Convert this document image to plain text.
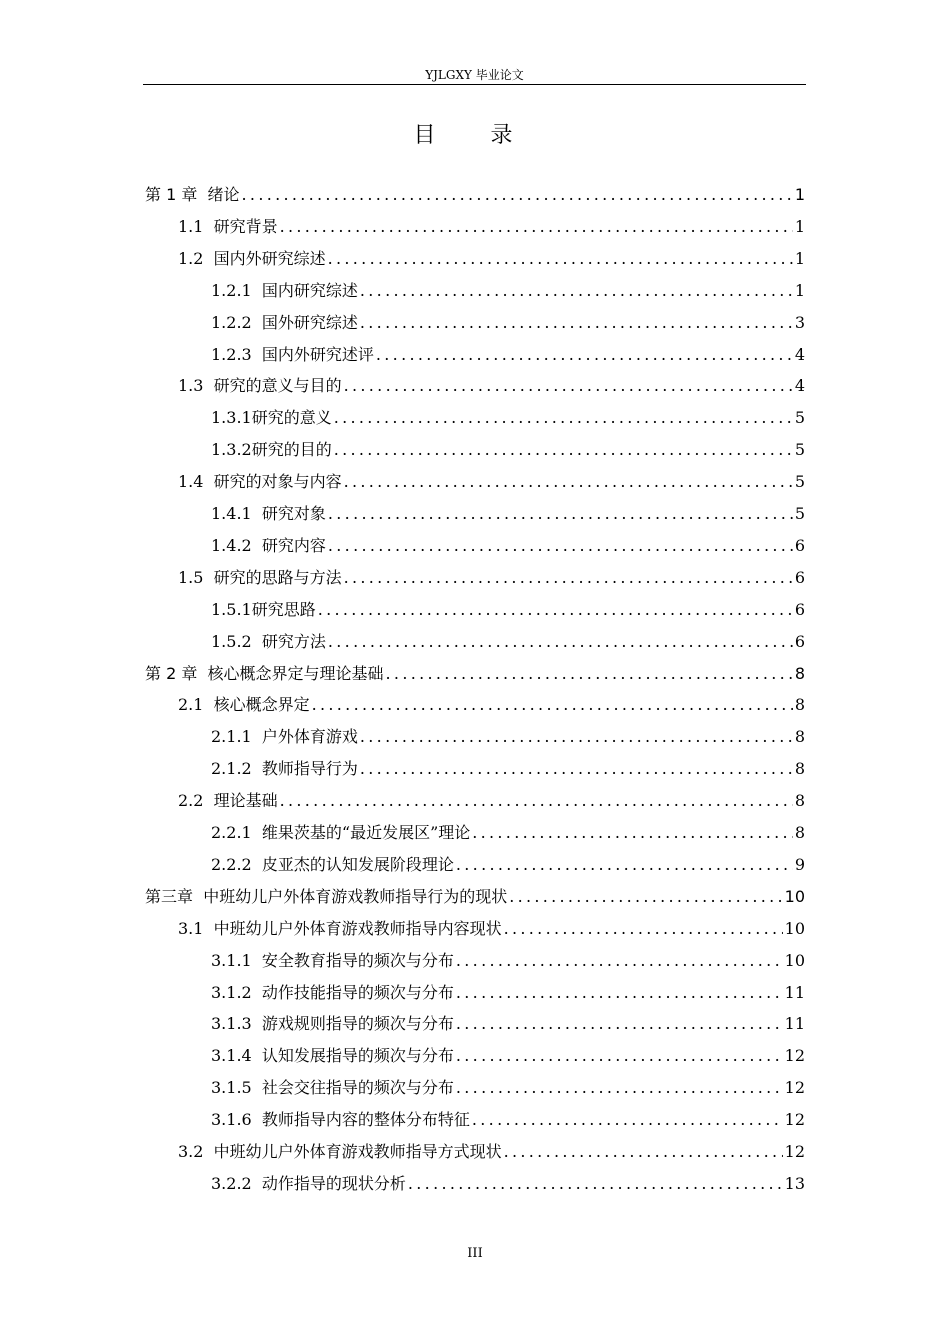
YJLGXY 毕业论文
目 录
第 1 章 绪论 .....	1
1.1 研究背景 .....	1
1.2 国内外研究综述 .....	1
1.2.1 国内研究综述 .....	1
1.2.2 国外研究综述 .....	3
1.2.3 国内外研究述评 .....	4
1.3 研究的意义与目的 .....	4
1.3.1 研究的意义 .....	5
1.3.2 研究的目的 .....	5
1.4 研究的对象与内容 .....	5
1.4.1 研究对象 .....	5
1.4.2 研究内容 .....	6
1.5 研究的思路与方法 .....	6
1.5.1 研究思路 .....	6
1.5.2 研究方法 .....	6
第 2 章 核心概念界定与理论基础 .....	8
2.1 核心概念界定 .....	8
2.1.1 户外体育游戏 .....	8
2.1.2 教师指导行为 .....	8
2.2 理论基础 .....	8
2.2.1 维果茨基的“最近发展区”理论 .....	8
2.2.2 皮亚杰的认知发展阶段理论 .....	9
第三章 中班幼儿户外体育游戏教师指导行为的现状 .....	10
3.1 中班幼儿户外体育游戏教师指导内容现状 .....	10
3.1.1 安全教育指导的频次与分布 .....	10
3.1.2 动作技能指导的频次与分布 .....	11
3.1.3 游戏规则指导的频次与分布 .....	11
3.1.4 认知发展指导的频次与分布 .....	12
3.1.5 社会交往指导的频次与分布 .....	12
3.1.6 教师指导内容的整体分布特征 .....	12
3.2 中班幼儿户外体育游戏教师指导方式现状 .....	12
3.2.2 动作指导的现状分析 .....	13
III
